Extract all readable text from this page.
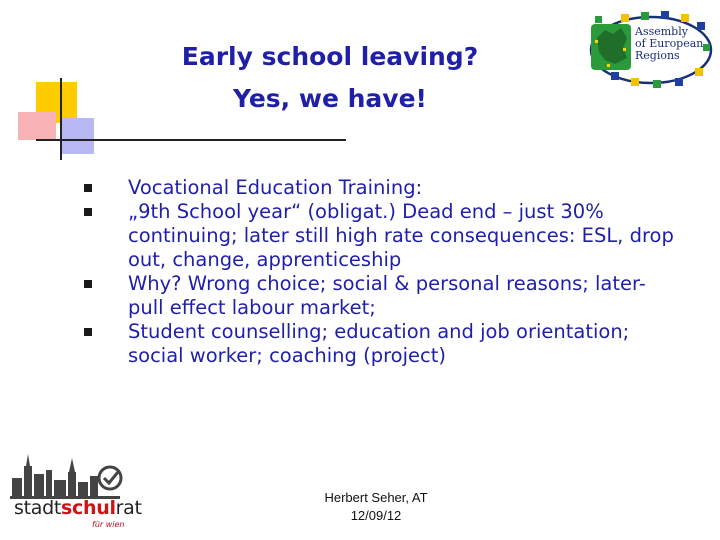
Early school leaving?
Yes, we have!
Assembly
of European
Regions
Vocational Education Training:
„9th School year“ (obligat.) Dead end – just 30% continuing; later still high rate consequences: ESL, drop out, change, apprenticeship
Why? Wrong choice; social & personal reasons; later-pull effect labour market;
Student counselling; education and job orientation; social worker; coaching (project)
stadtschulrat
für wien
Herbert Seher, AT
12/09/12
